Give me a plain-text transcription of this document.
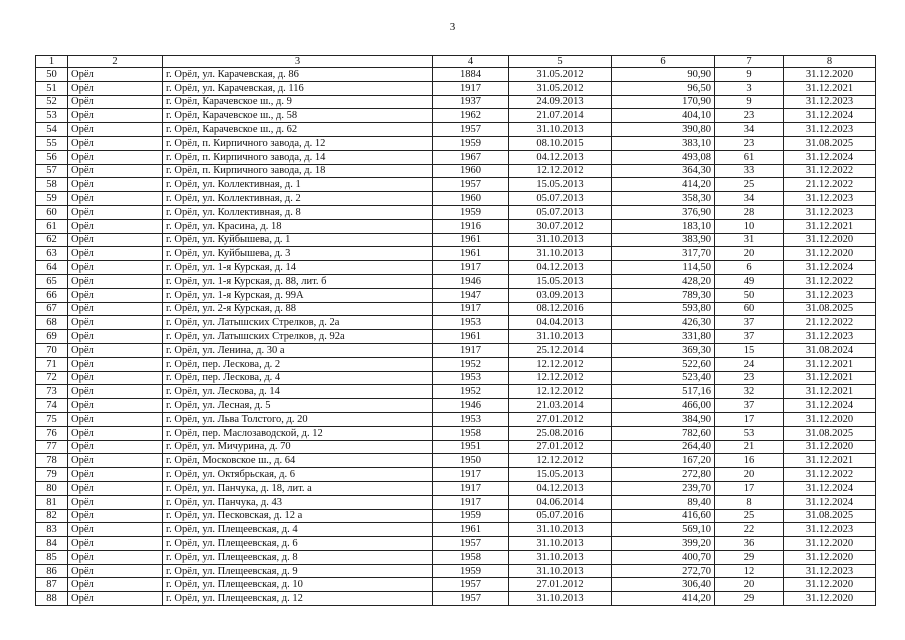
3
1	2	3	4	5	6	7	8
50	Орёл	г. Орёл, ул. Карачевская, д. 86	1884	31.05.2012	90,90	9	31.12.2020
51	Орёл	г. Орёл, ул. Карачевская, д. 116	1917	31.05.2012	96,50	3	31.12.2021
52	Орёл	г. Орёл, Карачевское ш., д. 9	1937	24.09.2013	170,90	9	31.12.2023
53	Орёл	г. Орёл, Карачевское ш., д. 58	1962	21.07.2014	404,10	23	31.12.2024
54	Орёл	г. Орёл, Карачевское ш., д. 62	1957	31.10.2013	390,80	34	31.12.2023
55	Орёл	г. Орёл, п. Кирпичного завода, д. 12	1959	08.10.2015	383,10	23	31.08.2025
56	Орёл	г. Орёл, п. Кирпичного завода, д. 14	1967	04.12.2013	493,08	61	31.12.2024
57	Орёл	г. Орёл, п. Кирпичного завода, д. 18	1960	12.12.2012	364,30	33	31.12.2022
58	Орёл	г. Орёл, ул. Коллективная, д. 1	1957	15.05.2013	414,20	25	21.12.2022
59	Орёл	г. Орёл, ул. Коллективная, д. 2	1960	05.07.2013	358,30	34	31.12.2023
60	Орёл	г. Орёл, ул. Коллективная, д. 8	1959	05.07.2013	376,90	28	31.12.2023
61	Орёл	г. Орёл, ул. Красина, д. 18	1916	30.07.2012	183,10	10	31.12.2021
62	Орёл	г. Орёл, ул. Куйбышева, д. 1	1961	31.10.2013	383,90	31	31.12.2020
63	Орёл	г. Орёл, ул. Куйбышева, д. 3	1961	31.10.2013	317,70	20	31.12.2020
64	Орёл	г. Орёл, ул. 1-я Курская, д. 14	1917	04.12.2013	114,50	6	31.12.2024
65	Орёл	г. Орёл, ул. 1-я Курская, д. 88, лит. б	1946	15.05.2013	428,20	49	31.12.2022
66	Орёл	г. Орёл, ул. 1-я Курская, д. 99А	1947	03.09.2013	789,30	50	31.12.2023
67	Орёл	г. Орёл, ул. 2-я Курская, д. 88	1917	08.12.2016	593,80	60	31.08.2025
68	Орёл	г. Орёл, ул. Латышских Стрелков, д. 2а	1953	04.04.2013	426,30	37	21.12.2022
69	Орёл	г. Орёл, ул. Латышских Стрелков, д. 92а	1961	31.10.2013	331,80	37	31.12.2023
70	Орёл	г. Орёл, ул. Ленина, д. 30 а	1917	25.12.2014	369,30	15	31.08.2024
71	Орёл	г. Орёл, пер. Лескова, д. 2	1952	12.12.2012	522,60	24	31.12.2021
72	Орёл	г. Орёл, пер. Лескова, д. 4	1953	12.12.2012	523,40	23	31.12.2021
73	Орёл	г. Орёл, ул. Лескова, д. 14	1952	12.12.2012	517,16	32	31.12.2021
74	Орёл	г. Орёл, ул. Лесная, д. 5	1946	21.03.2014	466,00	37	31.12.2024
75	Орёл	г. Орёл, ул. Льва Толстого, д. 20	1953	27.01.2012	384,90	17	31.12.2020
76	Орёл	г. Орёл, пер. Маслозаводской, д. 12	1958	25.08.2016	782,60	53	31.08.2025
77	Орёл	г. Орёл, ул. Мичурина, д. 70	1951	27.01.2012	264,40	21	31.12.2020
78	Орёл	г. Орёл, Московское ш., д. 64	1950	12.12.2012	167,20	16	31.12.2021
79	Орёл	г. Орёл, ул. Октябрьская, д. 6	1917	15.05.2013	272,80	20	31.12.2022
80	Орёл	г. Орёл, ул. Панчука, д. 18, лит. а	1917	04.12.2013	239,70	17	31.12.2024
81	Орёл	г. Орёл, ул. Панчука, д. 43	1917	04.06.2014	89,40	8	31.12.2024
82	Орёл	г. Орёл, ул. Песковская, д. 12 а	1959	05.07.2016	416,60	25	31.08.2025
83	Орёл	г. Орёл, ул. Плещеевская, д. 4	1961	31.10.2013	569,10	22	31.12.2023
84	Орёл	г. Орёл, ул. Плещеевская, д. 6	1957	31.10.2013	399,20	36	31.12.2020
85	Орёл	г. Орёл, ул. Плещеевская, д. 8	1958	31.10.2013	400,70	29	31.12.2020
86	Орёл	г. Орёл, ул. Плещеевская, д. 9	1959	31.10.2013	272,70	12	31.12.2023
87	Орёл	г. Орёл, ул. Плещеевская, д. 10	1957	27.01.2012	306,40	20	31.12.2020
88	Орёл	г. Орёл, ул. Плещеевская, д. 12	1957	31.10.2013	414,20	29	31.12.2020
